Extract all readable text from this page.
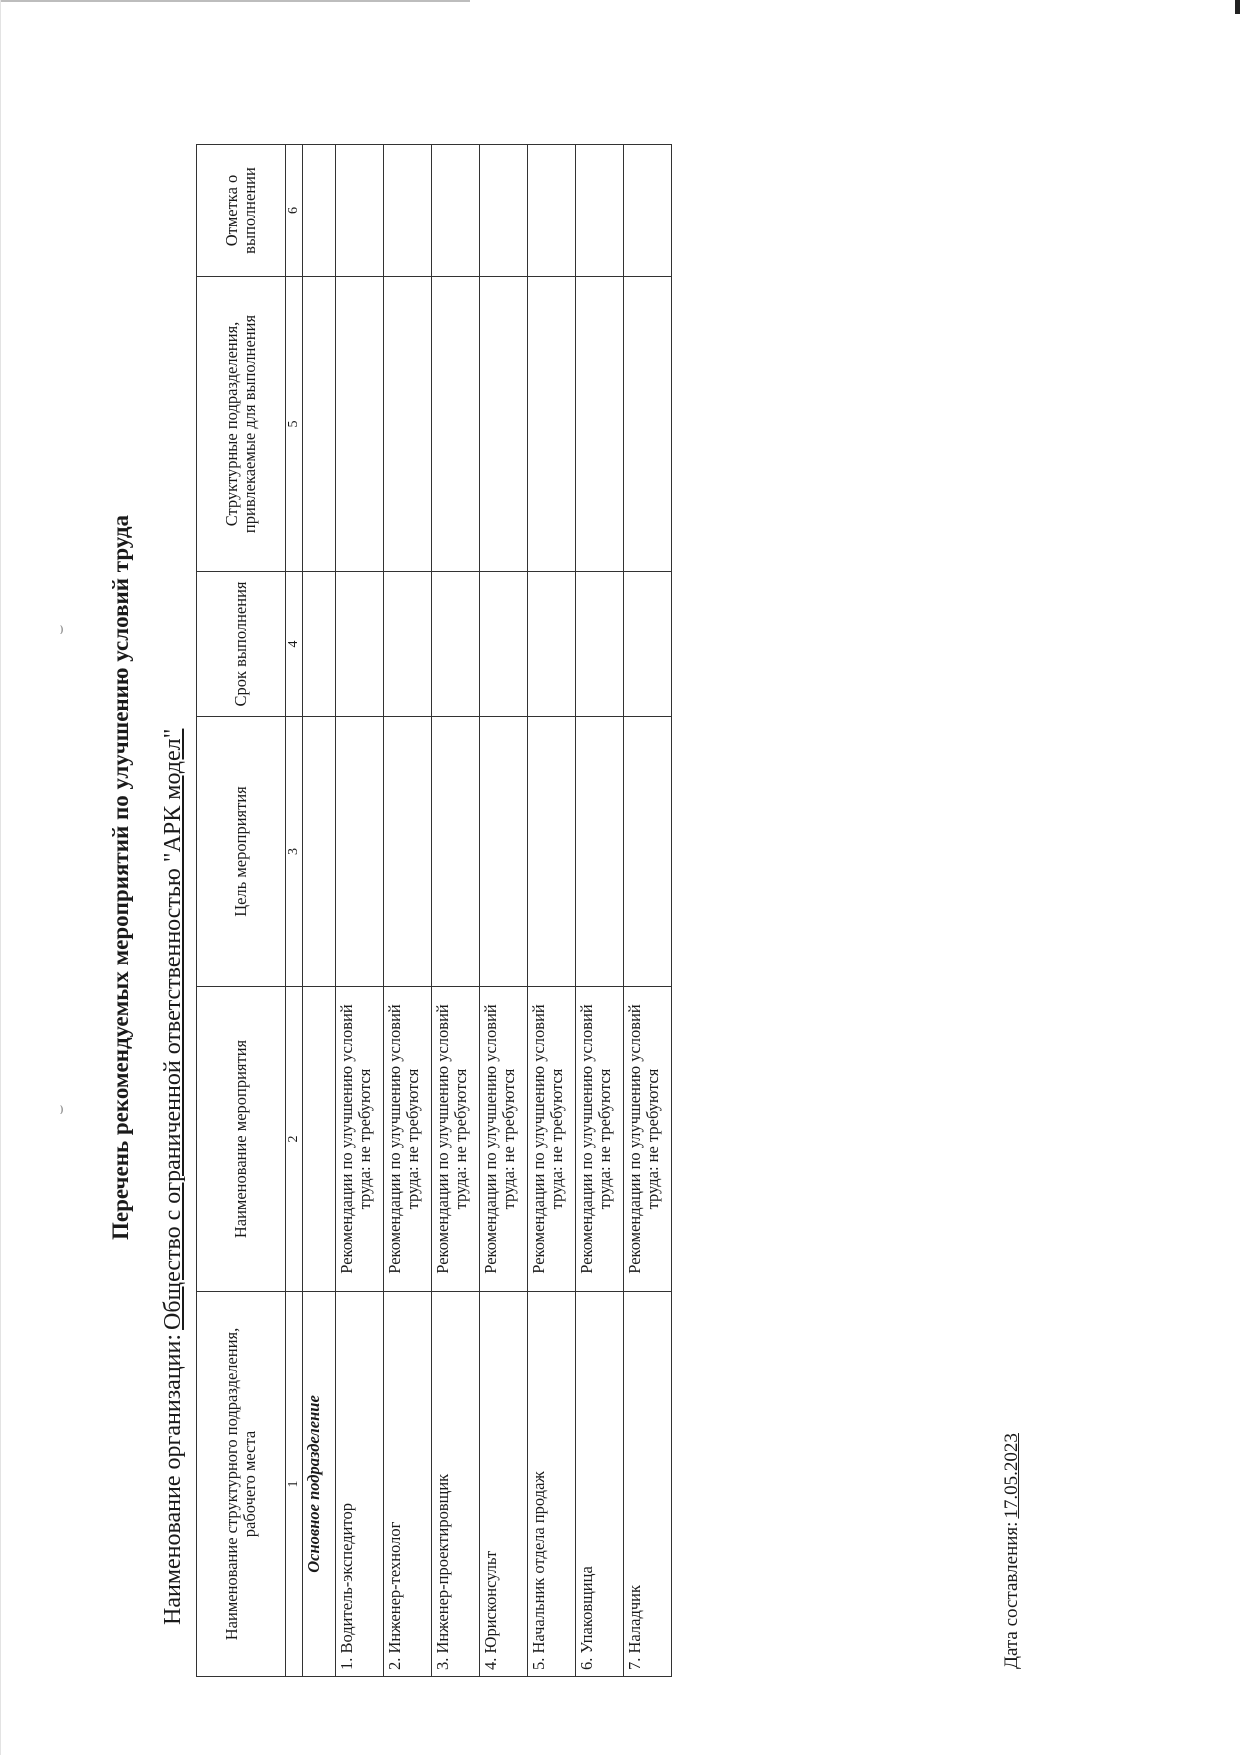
Перечень рекомендуемых мероприятий по улучшению условий труда
Наименование организации:Общество с ограниченной ответственностью "АРК модел"
Наименование структурного подразделения, рабочего места	Наименование мероприятия	Цель мероприятия	Срок выполнения	Структурные подразделения, привлекаемые для выполнения	Отметка о выполнении
1	2	3	4	5	6

Основное подразделение					

1. Водитель-экспедитор	Рекомендации по улучшению условий труда: не требуются				
2. Инженер-технолог	Рекомендации по улучшению условий труда: не требуются				
3. Инженер-проектировщик	Рекомендации по улучшению условий труда: не требуются				
4. Юрисконсульт	Рекомендации по улучшению условий труда: не требуются				
5. Начальник отдела продаж	Рекомендации по улучшению условий труда: не требуются				
6. Упаковщица	Рекомендации по улучшению условий труда: не требуются				
7. Наладчик	Рекомендации по улучшению условий труда: не требуются				
Дата составления:17.05.2023
⌣
⌣
